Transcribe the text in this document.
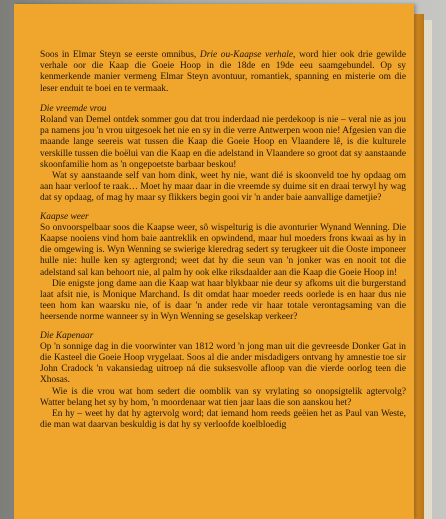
Soos in Elmar Steyn se eerste omnibus, Drie ou-Kaapse verhale, word hier ook drie gewilde verhale oor die Kaap die Goeie Hoop in die 18de en 19de eeu saamgebundel. Op sy kenmerkende manier vermeng Elmar Steyn avontuur, romantiek, spanning en misterie om die leser enduit te boei en te vermaak.

Die vreemde vrou

Roland van Demel ontdek sommer gou dat trou inderdaad nie perdekoop is nie – veral nie as jou pa namens jou 'n vrou uitgesoek het nie en sy in die verre Antwerpen woon nie! Afgesien van die maande lange seereis wat tussen die Kaap die Goeie Hoop en Vlaandere lê, is die kulturele verskille tussen die boëlui van die Kaap en die adelstand in Vlaandere so groot dat sy aanstaande skoonfamilie hom as 'n ongepoetste barbaar beskou!

Wat sy aanstaande self van hom dink, weet hy nie, want dié is skoonveld toe hy opdaag om aan haar verloof te raak… Moet hy maar daar in die vreemde sy duime sit en draai terwyl hy wag dat sy opdaag, of mag hy maar sy flikkers begin gooi vir 'n ander baie aanvallige dametjie?

Kaapse weer

So onvoorspelbaar soos die Kaapse weer, sô wispelturig is die avonturier Wynand Wenning. Die Kaapse nooiens vind hom baie aantreklik en opwindend, maar hul moeders frons kwaai as hy in die omgewing is. Wyn Wenning se swierige kleredrag sedert sy terugkeer uit die Ooste imponeer hulle nie: hulle ken sy agtergrond; weet dat hy die seun van 'n jonker was en nooit tot die adelstand sal kan behoort nie, al palm hy ook elke riksdaalder aan die Kaap die Goeie Hoop in!

Die enigste jong dame aan die Kaap wat haar blykbaar nie deur sy afkoms uit die burgerstand laat afsit nie, is Monique Marchand. Is dit omdat haar moeder reeds oorlede is en haar dus nie teen hom kan waarsku nie, of is daar 'n ander rede vir haar totale verontagsaming van die heersende norme wanneer sy in Wyn Wenning se geselskap verkeer?

Die Kapenaar

Op 'n sonnige dag in die voorwinter van 1812 word 'n jong man uit die gevreesde Donker Gat in die Kasteel die Goeie Hoop vrygelaat. Soos al die ander misdadigers ontvang hy amnestie toe sir John Cradock 'n vakansiedag uitroep ná die suksesvolle afloop van die vierde oorlog teen die Xhosas.

Wie is die vrou wat hom sedert die oomblik van sy vrylating so onopsigtelik agtervolg? Watter belang het sy by hom, 'n moordenaar wat tien jaar laas die son aanskou het?

En hy – weet hy dat hy agtervolg word; dat iemand hom reeds geëien het as Paul van Weste, die man wat daarvan beskuldig is dat hy sy verloofde koelbloedig
